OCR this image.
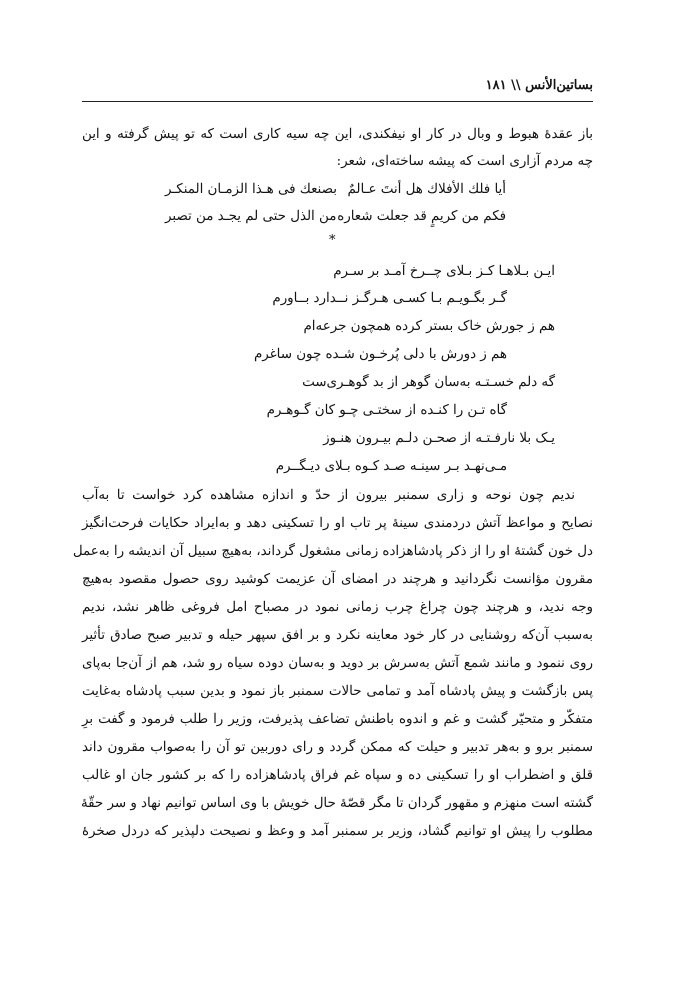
بساتین‌الأنس \\ ۱۸۱
باز عقدهٔ هبوط و وبال در کار او نیفکندی، این چه سیه کاری است که تو پیش گرفته و این
چه مردم آزاری است که پیشه ساخته‌ای، شعر:
أیا فلك الأفلاك هل أنتَ عـالمٌ
بصنعك فی هـذا الزمـان المنكـر
فکم من کریمٍ قد جعلت شعاره
من الذل حتی لم یجـد من تصبر
*
ایـن بـلاهـا کـز بـلای چــرخ آمـد بر سـرم
گـر بگـویـم بـا کسـی هـرگـز نــدارد بــاورم
هم ز جورش خاک بستر کرده همچون جرعه‌ام
هم ز دورش با دلی پُرخـون شـده چون ساغرم
گه دلم خسـتـه به‌سان گوهر از بد گوهـری‌ست
گاه تـن را کنـده از سختـی چـو کان گـوهـرم
یـک بلا نارفـتـه از صحـن دلـم بیـرون هنـوز
مـی‌نهـد بـر سینـه صـد کـوه بـلای دیـگــرم
ندیم چون نوحه و زاری سمنبر بیرون از حدّ و اندازه مشاهده کرد خواست تا به‌آب
نصایح و مواعظ آتش دردمندی سینهٔ پر تاب او را تسکینی دهد و به‌ایراد حکایات فرحت‌انگیز
دل خون گشتهٔ او را از ذکر پادشاهزاده زمانی مشغول گرداند، به‌هیچ سبیل آن اندیشه را به‌عمل
مقرون مؤانست نگردانید و هرچند در امضای آن عزیمت کوشید روی حصول مقصود به‌هیچ
وجه ندید، و هرچند چون چراغ چرب زمانی نمود در مصباح امل فروغی ظاهر نشد، ندیم
به‌سبب آن‌که روشنایی در کار خود معاینه نکرد و بر افق سپهر حیله و تدبیر صبح صادق تأثیر
روی ننمود و مانند شمع آتش به‌سرش بر دوید و به‌سان دوده سیاه رو شد، هم از آن‌جا به‌پای
پس بازگشت و پیش پادشاه آمد و تمامی حالات سمنبر باز نمود و بدین سبب پادشاه به‌غایت
متفکّر و متحیّر گشت و غم و اندوه باطنش تضاعف پذیرفت، وزیر را طلب فرمود و گفت برِ
سمنبر برو و به‌هر تدبیر و حیلت که ممکن گردد و رای دوربین تو آن را به‌صواب مقرون داند
قلق و اضطراب او را تسکینی ده و سپاه غم فراق پادشاهزاده را که بر کشور جان او غالب
گشته است منهزم و مقهور گردان تا مگر قصّهٔ حال خویش با وی اساس توانیم نهاد و سر حقّهٔ
مطلوب را پیش او توانیم گشاد، وزیر بر سمنبر آمد و وعظ و نصیحت دلپذیر که دردل صخرهٔ
